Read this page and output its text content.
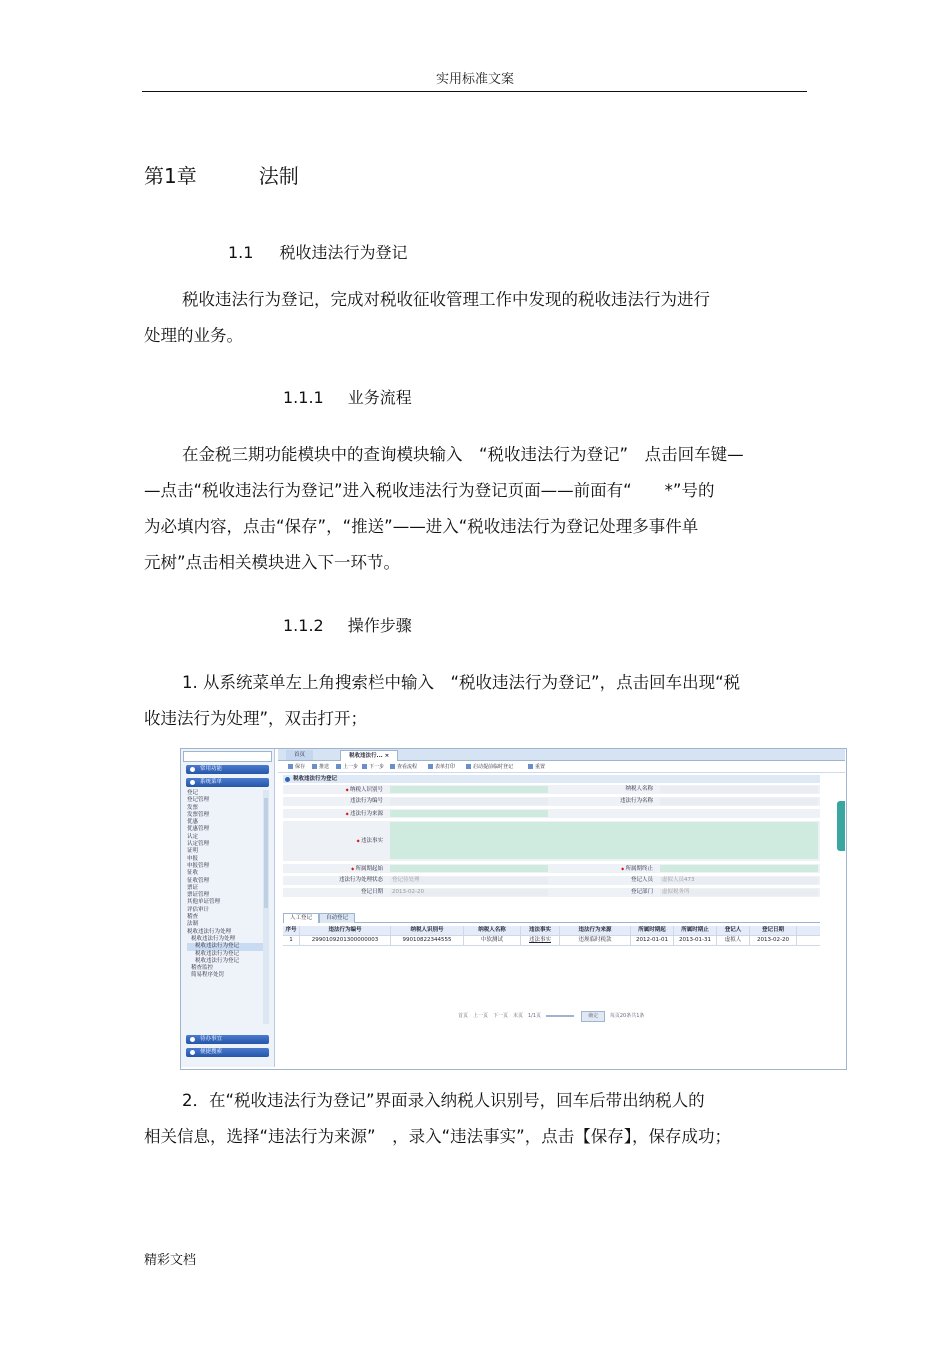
实用标准文案
第1章	法制
1.1 税收违法行为登记
税收违法行为登记，完成对税收征收管理工作中发现的税收违法行为进行
处理的业务。
1.1.1 业务流程
在金税三期功能模块中的查询模块输入　“税收违法行为登记”　点击回车键—
—点击“税收违法行为登记”进入税收违法行为登记页面——前面有“　　*”号的
为必填内容，点击“保存”，“推送”——进入“税收违法行为登记处理多事件单
元树”点击相关模块进入下一环节。
1.1.2 操作步骤
1. 从系统菜单左上角搜索栏中输入　“税收违法行为登记”，点击回车出现“税
收违法行为处理”，双击打开；
常用功能
系统菜单
登记
登记管理
发票
发票管理
优惠
优惠管理
认定
认定管理
证明
申报
申报管理
征收
征收管理
票证
票证管理
其他单证管理
评估审计
稽查
法制
税收违法行为处理
税收违法行为处理
税收违法行为登记
税收违法行为登记
税收违法行为登记
稽查监控
简易程序处罚
待办事宜
便捷搜索
首页	税收违法行... ×
保存	推送	上一步	下一步	查看流程	表单打印	启动提前临时登记	重置
税收违法行为登记
◆ 纳税人识别号	纳税人名称
违法行为编号	违法行为名称
◆ 违法行为来源
◆ 违法事实
◆ 所属期起始
◆	所属期终止
违法行为处理状态	登记待处理	登记人员	虚拟人员473
登记日期	2013-02-20	登记部门	虚拟税务所
人工登记	自动登记
序号	违法行为编号	纳税人识别号	纳税人名称	违法事实	违法行为来源	所属时期起	所属时期止	登记人	登记日期
1	2990109201300000003	99010822344555	中软测试	违法事实	违规临时税款	2012-01-01	2013-01-31	虚拟人	2013-02-20
首页　上一页　下一页　末页　1/1页	确定 每页20条共1条
2．在“税收违法行为登记”界面录入纳税人识别号，回车后带出纳税人的
相关信息，选择“违法行为来源”　，录入“违法事实”，点击【保存】，保存成功；
精彩文档
